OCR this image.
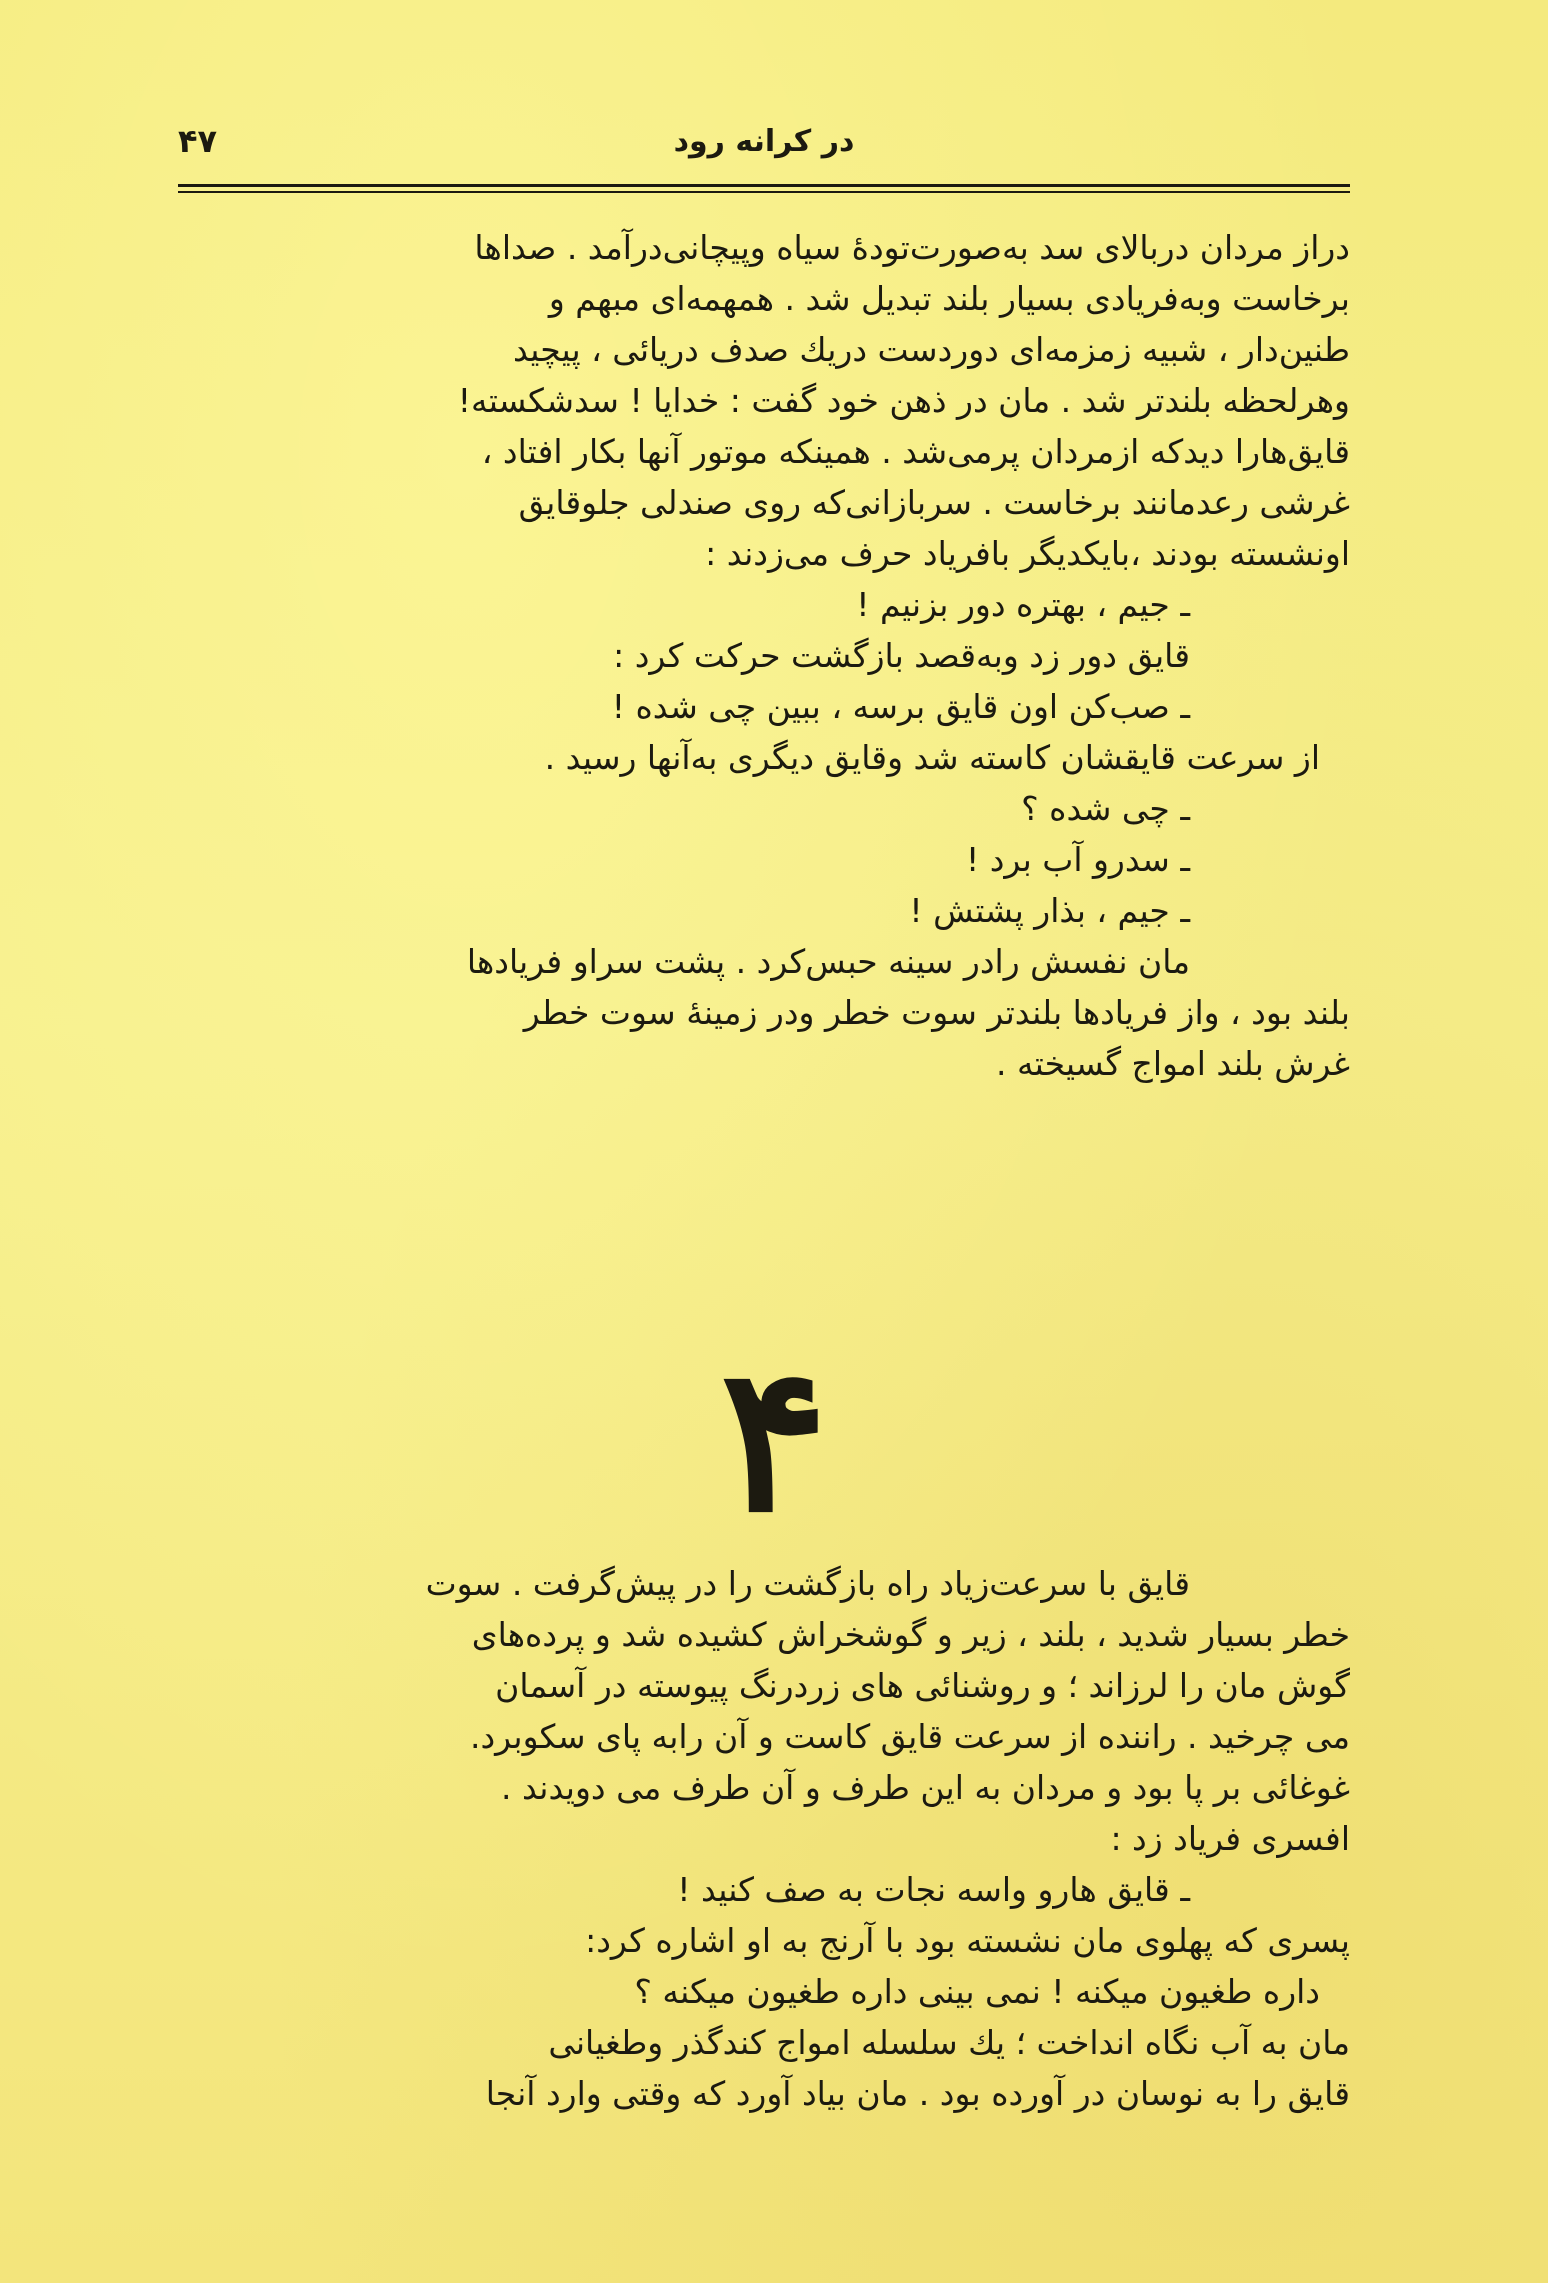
در کرانه رود
۴۷
دراز مردان دربالای سد به‌صورت‌تودهٔ سیاه وپیچانی‌درآمد . صداها
برخاست وبه‌فریادی بسیار بلند تبدیل شد . همهمه‌ای مبهم و
طنین‌دار ، شبیه زمزمه‌ای دوردست دریك صدف دریائی ، پیچید
وهرلحظه بلندتر شد . مان در ذهن خود گفت : خدایا ! سدشکسته!
قایق‌هارا دیدکه ازمردان پرمی‌شد . همینکه موتور آنها بکار افتاد ،
غرشی رعدمانند برخاست . سربازانی‌که روی صندلی جلوقایق
اونشسته بودند ،بایکدیگر بافریاد حرف می‌زدند :
ـ جیم ، بهتره دور بزنیم !
قایق دور زد وبه‌قصد بازگشت حرکت کرد :
ـ صب‌کن اون قایق برسه ، ببین چی شده !
از سرعت قایقشان کاسته شد وقایق دیگری به‌آنها رسید .
ـ چی شده ؟
ـ سدرو آب برد !
ـ جیم ، بذار پشتش !
مان نفسش رادر سینه حبس‌کرد . پشت سراو فریادها
بلند بود ، واز فریادها بلندتر سوت خطر ودر زمینهٔ سوت خطر
غرش بلند امواج گسیخته .
۴
قایق با سرعت‌زیاد راه بازگشت را در پیش‌گرفت . سوت
خطر بسیار شدید ، بلند ، زیر و گوشخراش کشیده شد و پرده‌های
گوش مان را لرزاند ؛ و روشنائی های زردرنگ پیوسته در آسمان
می چرخید . راننده از سرعت قایق کاست و آن رابه پای سکوبرد.
غوغائی بر پا بود و مردان به این طرف و آن طرف می دویدند .
افسری فریاد زد :
ـ قایق هارو واسه نجات به صف کنید !
پسری که پهلوی مان نشسته بود با آرنج به او اشاره کرد:
داره طغیون میکنه ! نمی بینی داره طغیون میکنه ؟
مان به آب نگاه انداخت ؛ یك سلسله امواج کندگذر وطغیانی
قایق را به نوسان در آورده بود . مان بیاد آورد که وقتی وارد آنجا
